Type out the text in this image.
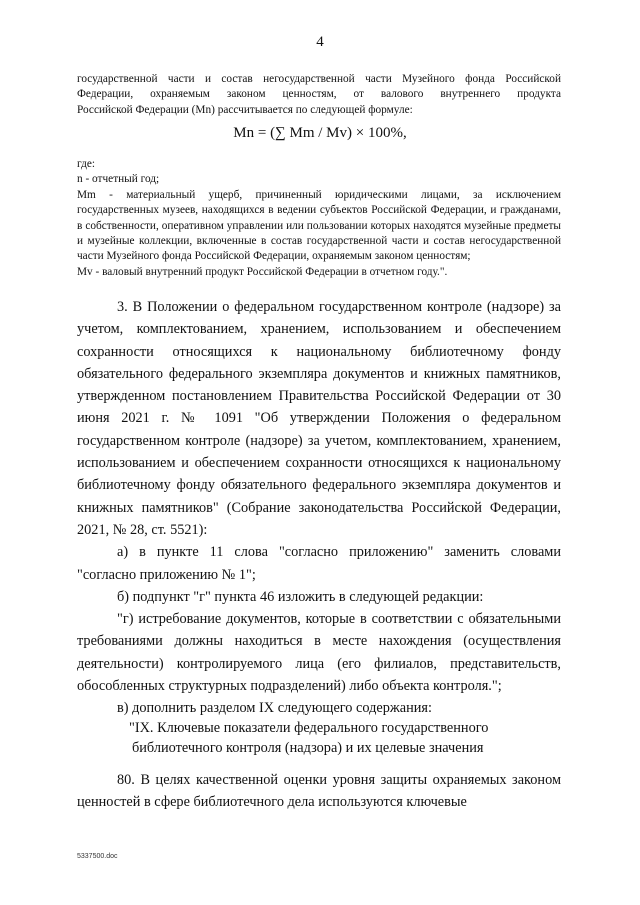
4

государственной части и состав негосударственной части Музейного фонда Российской

Федерации, охраняемым законом ценностям, от валового внутреннего продукта

Российской Федерации (Mn) рассчитывается по следующей формуле:

Mn = (∑ Mm / Mv) × 100%,

где:

n - отчетный год;

Mm - материальный ущерб, причиненный юридическими лицами, за исключением государственных музеев, находящихся в ведении субъектов Российской Федерации, и гражданами, в собственности, оперативном управлении или пользовании которых находятся музейные предметы и музейные коллекции, включенные в состав государственной части и состав негосударственной части Музейного фонда Российской Федерации, охраняемым законом ценностям;

Mv - валовый внутренний продукт Российской Федерации в отчетном году.".

3. В Положении о федеральном государственном контроле (надзоре) за учетом, комплектованием, хранением, использованием и обеспечением сохранности относящихся к национальному библиотечному фонду обязательного федерального экземпляра документов и книжных памятников, утвержденном постановлением Правительства Российской Федерации от 30 июня 2021 г. № 1091 "Об утверждении Положения о федеральном государственном контроле (надзоре) за учетом, комплектованием, хранением, использованием и обеспечением сохранности относящихся к национальному библиотечному фонду обязательного федерального экземпляра документов и книжных памятников" (Собрание законодательства Российской Федерации, 2021, № 28, ст. 5521):

а) в пункте 11 слова "согласно приложению" заменить словами "согласно приложению № 1";

б) подпункт "г" пункта 46 изложить в следующей редакции:

"г) истребование документов, которые в соответствии с обязательными требованиями должны находиться в месте нахождения (осуществления деятельности) контролируемого лица (его филиалов, представительств, обособленных структурных подразделений) либо объекта контроля.";

в) дополнить разделом IX следующего содержания:

"IX. Ключевые показатели федерального государственного
библиотечного контроля (надзора) и их целевые значения

80. В целях качественной оценки уровня защиты охраняемых законом ценностей в сфере библиотечного дела используются ключевые

5337500.doc
